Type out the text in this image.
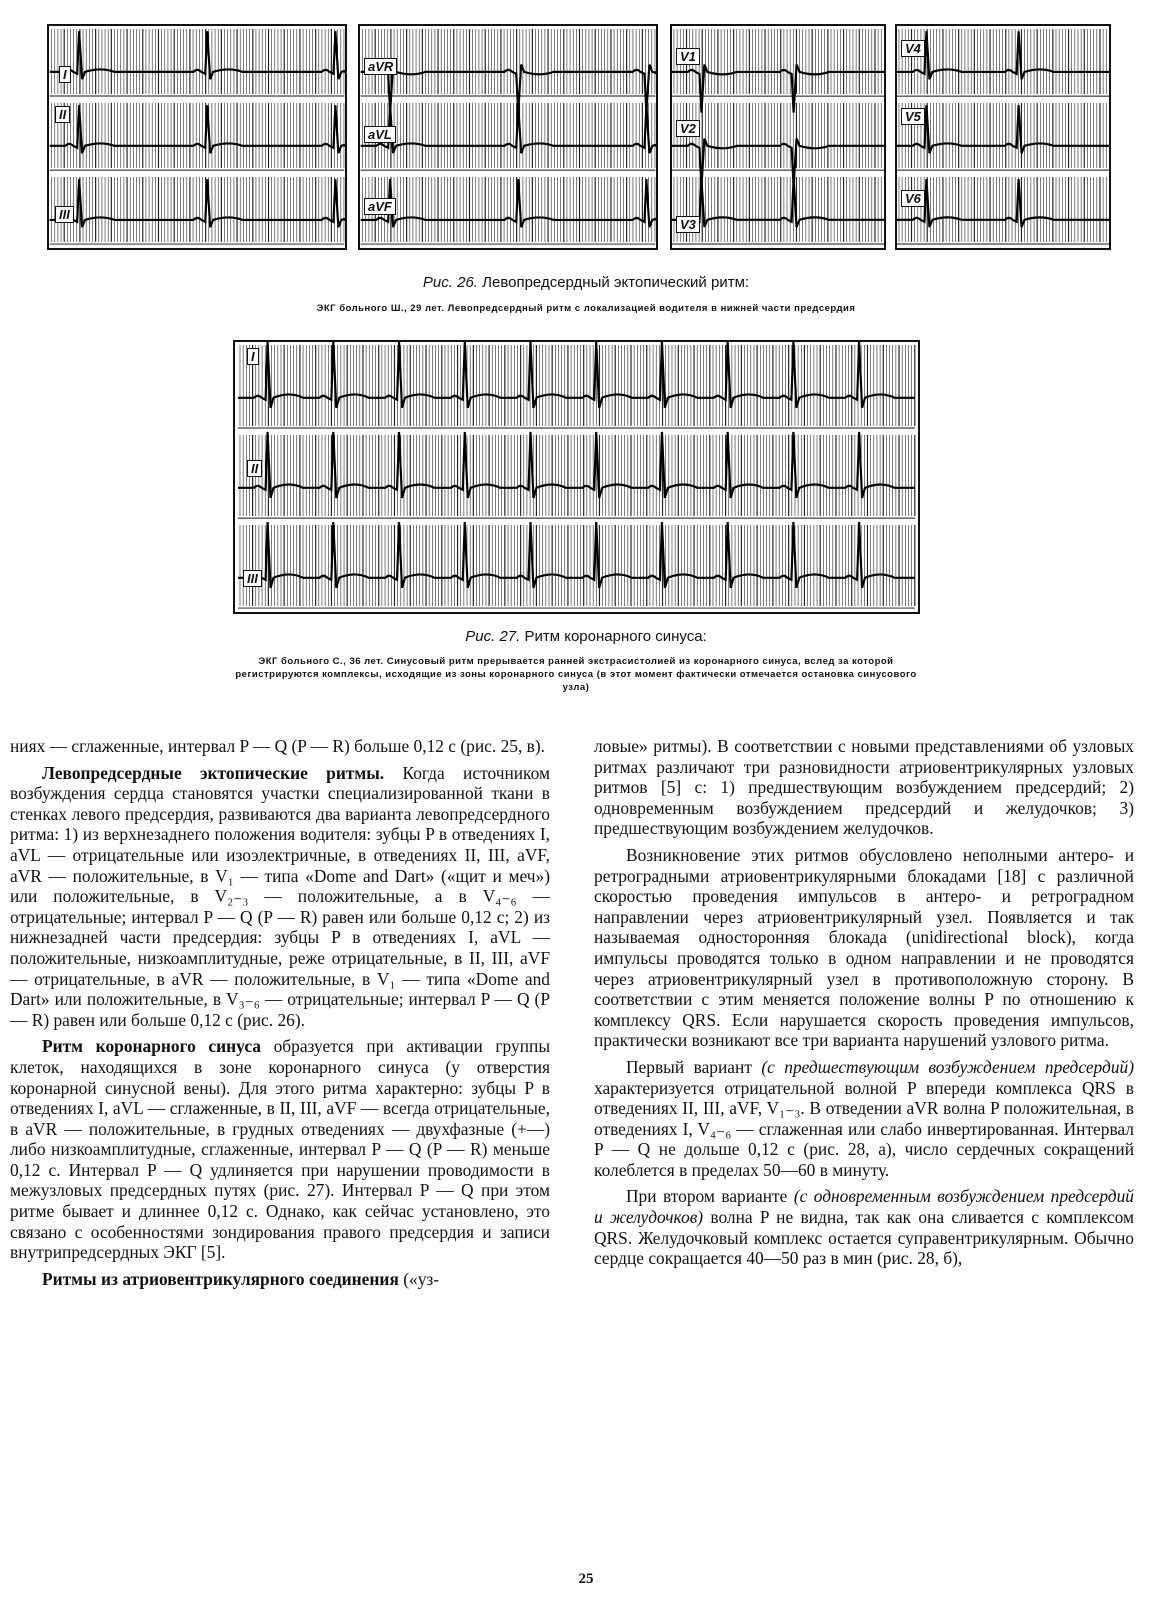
I
II
III
aVR
aVL
aVF
V1
V2
V3
V4
V5
V6
Рис. 26. Левопредсердный эктопический ритм:
ЭКГ больного Ш., 29 лет. Левопредсердный ритм с локализацией водителя в нижней части предсердия
I
II
III
Рис. 27. Ритм коронарного синуса:
ЭКГ больного С., 36 лет. Синусовый ритм прерывается ранней экстрасистолией из коронарного синуса, вслед за которой регистрируются комплексы, исходящие из зоны коронарного синуса (в этот момент фактически отмечается остановка синусового узла)

ниях — сглаженные, интервал P — Q (P — R) больше 0,12 с (рис. 25, в).

Левопредсердные эктопические ритмы. Когда источником возбуждения сердца становятся участки специализированной ткани в стенках левого предсердия, развиваются два варианта левопредсердного ритма: 1) из верхнезаднего положения водителя: зубцы P в отведениях I, aVL — отрицательные или изоэлектричные, в отведениях II, III, aVF, aVR — положительные, в V₁ — типа «Dome and Dart» («щит и меч») или положительные, в V₂₋₃ — положительные, а в V₄₋₆ — отрицательные; интервал P — Q (P — R) равен или больше 0,12 с; 2) из нижнезадней части предсердия: зубцы P в отведениях I, aVL — положительные, низкоамплитудные, реже отрицательные, в II, III, aVF — отрицательные, в aVR — положительные, в V₁ — типа «Dome and Dart» или положительные, в V₃₋₆ — отрицательные; интервал P — Q (P — R) равен или больше 0,12 с (рис. 26).

Ритм коронарного синуса образуется при активации группы клеток, находящихся в зоне коронарного синуса (у отверстия коронарной синусной вены). Для этого ритма характерно: зубцы P в отведениях I, aVL — сглаженные, в II, III, aVF — всегда отрицательные, в aVR — положительные, в грудных отведениях — двухфазные (+—) либо низкоамплитудные, сглаженные, интервал P — Q (P — R) меньше 0,12 с. Интервал P — Q удлиняется при нарушении проводимости в межузловых предсердных путях (рис. 27). Интервал P — Q при этом ритме бывает и длиннее 0,12 с. Однако, как сейчас установлено, это связано с особенностями зондирования правого предсердия и записи внутрипредсердных ЭКГ [5].

Ритмы из атриовентрикулярного соединения («уз-

ловые» ритмы). В соответствии с новыми представлениями об узловых ритмах различают три разновидности атриовентрикулярных узловых ритмов [5] с: 1) предшествующим возбуждением предсердий; 2) одновременным возбуждением предсердий и желудочков; 3) предшествующим возбуждением желудочков.

Возникновение этих ритмов обусловлено неполными антеро- и ретроградными атриовентрикулярными блокадами [18] с различной скоростью проведения импульсов в антеро- и ретроградном направлении через атриовентрикулярный узел. Появляется и так называемая односторонняя блокада (unidirectional block), когда импульсы проводятся только в одном направлении и не проводятся через атриовентрикулярный узел в противоположную сторону. В соответствии с этим меняется положение волны P по отношению к комплексу QRS. Если нарушается скорость проведения импульсов, практически возникают все три варианта нарушений узлового ритма.

Первый вариант (с предшествующим возбуждением предсердий) характеризуется отрицательной волной P впереди комплекса QRS в отведениях II, III, aVF, V₁₋₃. В отведении aVR волна P положительная, в отведениях I, V₄₋₆ — сглаженная или слабо инвертированная. Интервал P — Q не дольше 0,12 с (рис. 28, а), число сердечных сокращений колеблется в пределах 50—60 в минуту.

При втором варианте (с одновременным возбуждением предсердий и желудочков) волна P не видна, так как она сливается с комплексом QRS. Желудочковый комплекс остается суправентрикулярным. Обычно сердце сокращается 40—50 раз в мин (рис. 28, б),

25
